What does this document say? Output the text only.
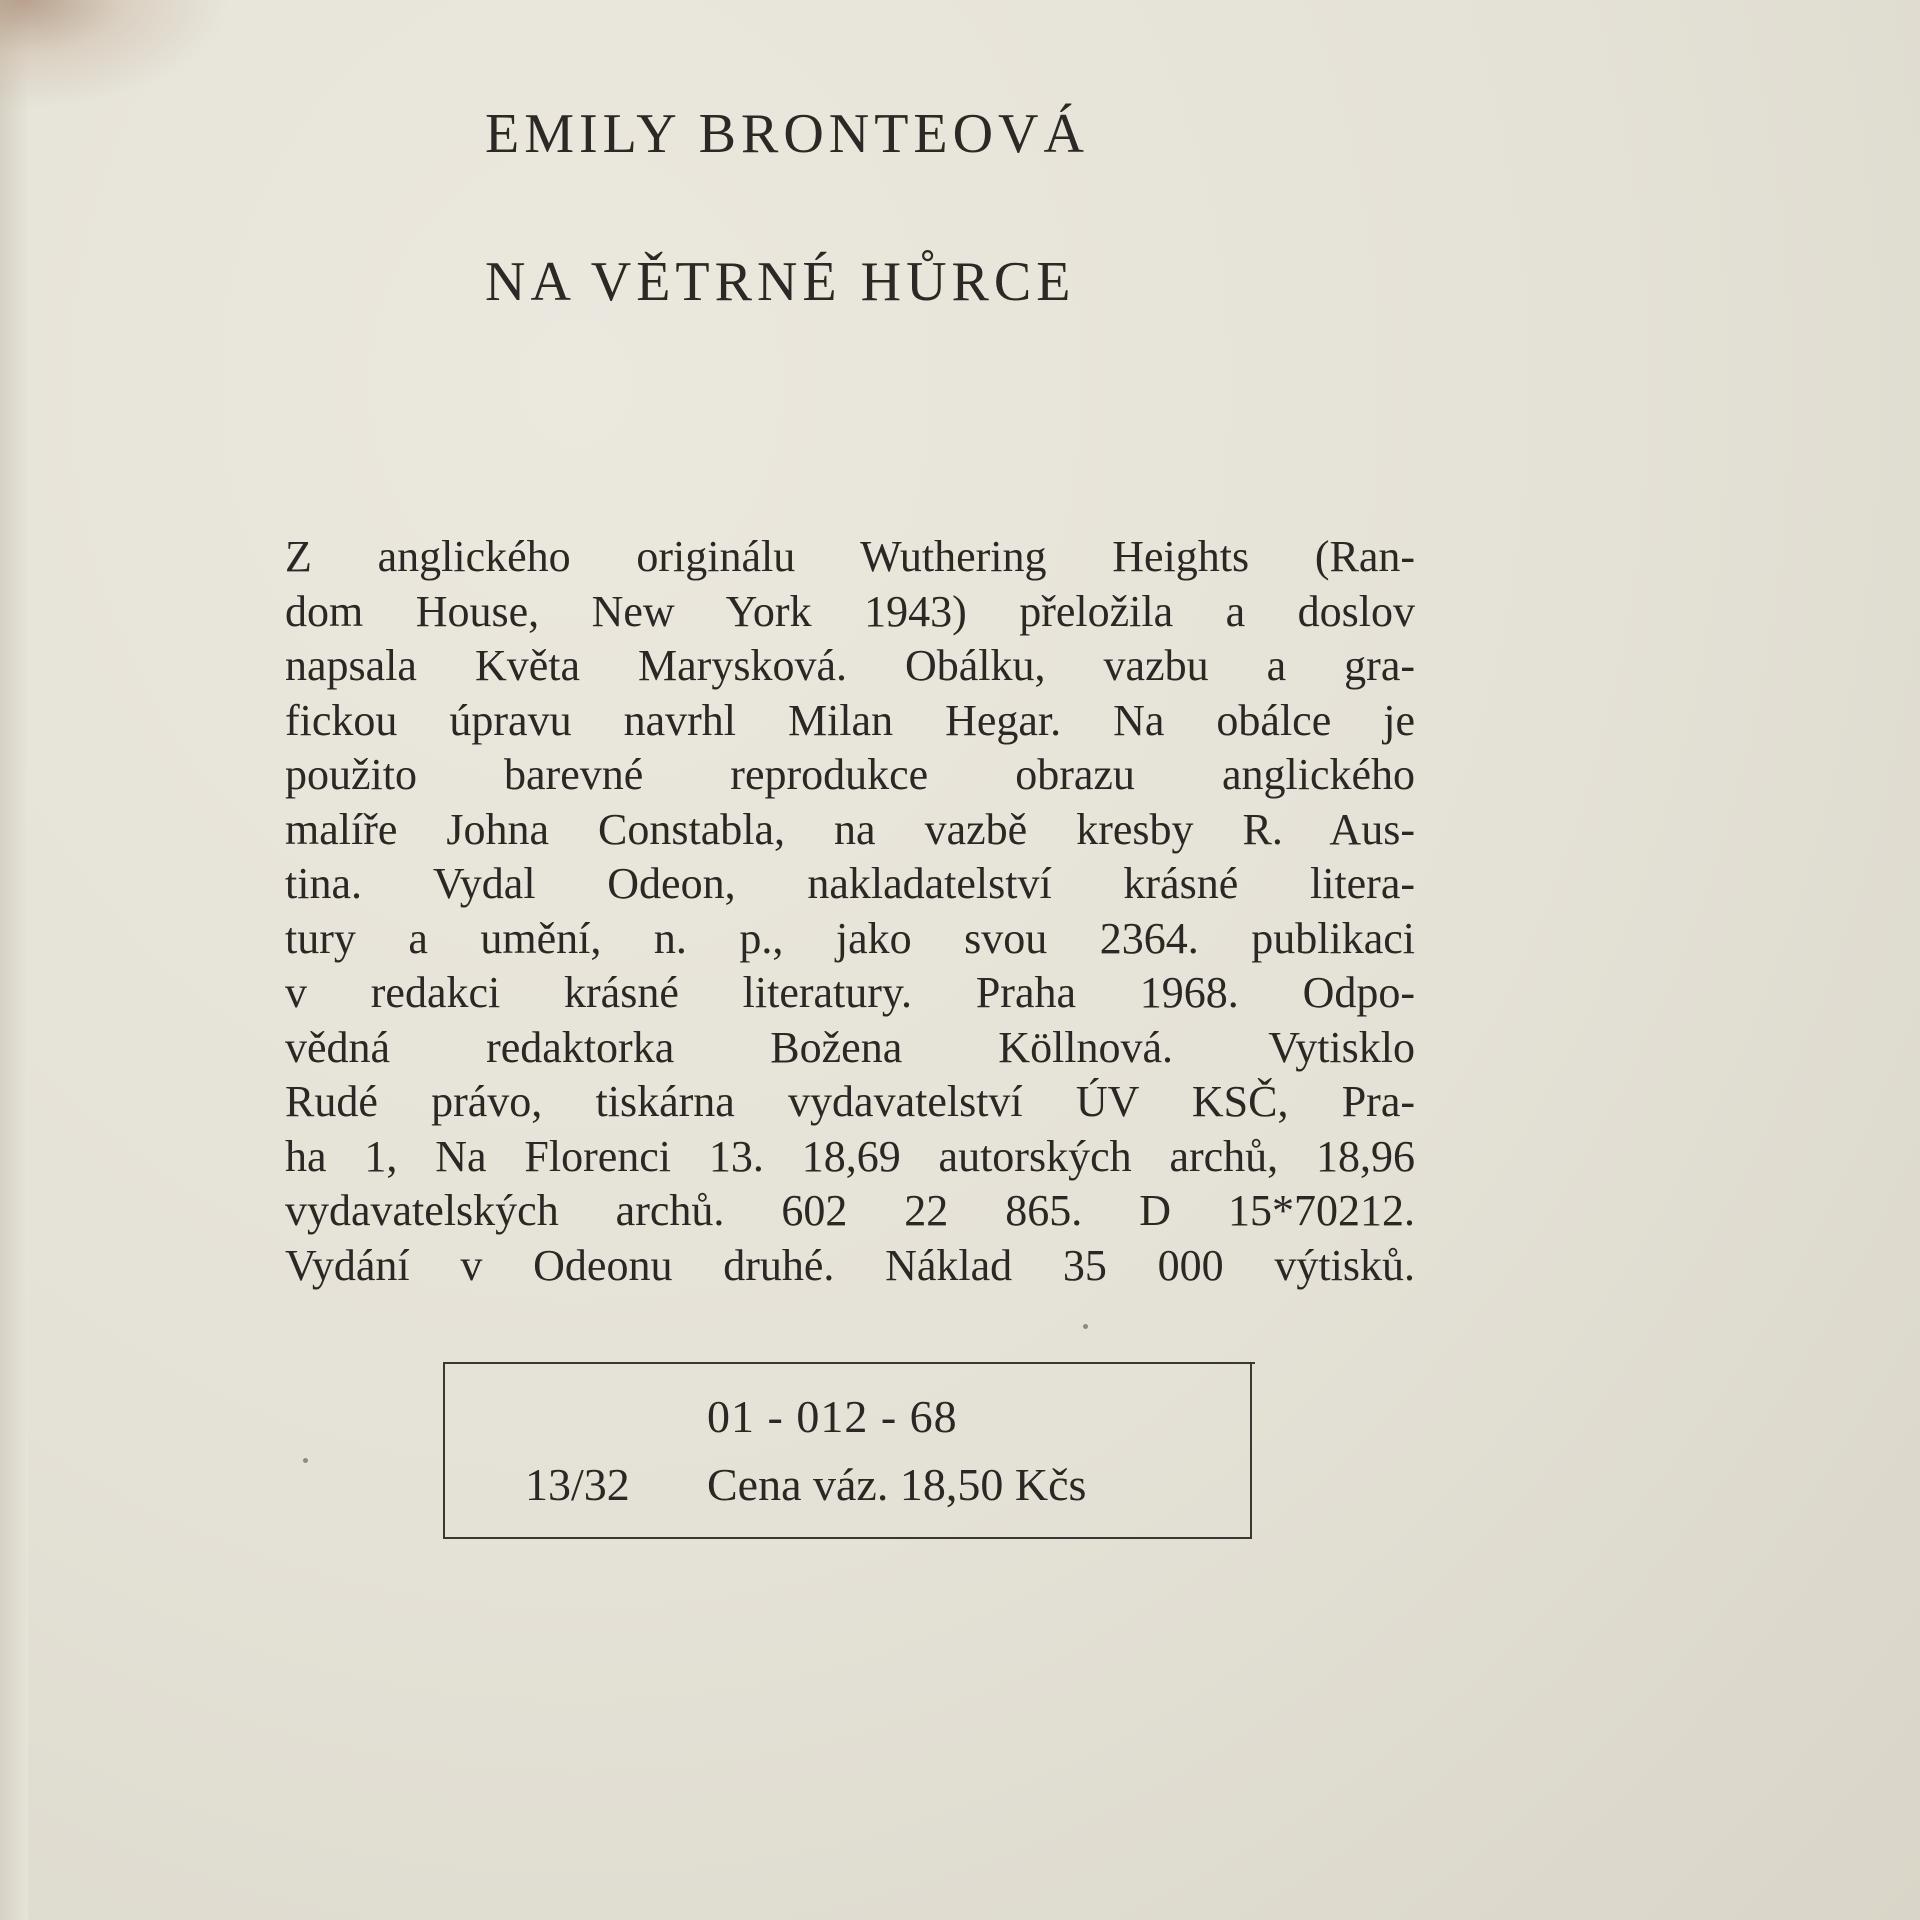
EMILY BRONTEOVÁ
NA VĚTRNÉ HŮRCE
Z anglického originálu Wuthering Heights (Ran-
dom House, New York 1943) přeložila a doslov
napsala Květa Marysková. Obálku, vazbu a gra-
fickou úpravu navrhl Milan Hegar. Na obálce je
použito barevné reprodukce obrazu anglického
malíře Johna Constabla, na vazbě kresby R. Aus-
tina. Vydal Odeon, nakladatelství krásné litera-
tury a umění, n. p., jako svou 2364. publikaci
v redakci krásné literatury. Praha 1968. Odpo-
vědná redaktorka Božena Köllnová. Vytisklo
Rudé právo, tiskárna vydavatelství ÚV KSČ, Pra-
ha 1, Na Florenci 13. 18,69 autorských archů, 18,96
vydavatelských archů. 602 22 865. D 15*70212.
Vydání v Odeonu druhé. Náklad 35 000 výtisků.
01 - 012 - 68
13/32 Cena váz. 18,50 Kčs
